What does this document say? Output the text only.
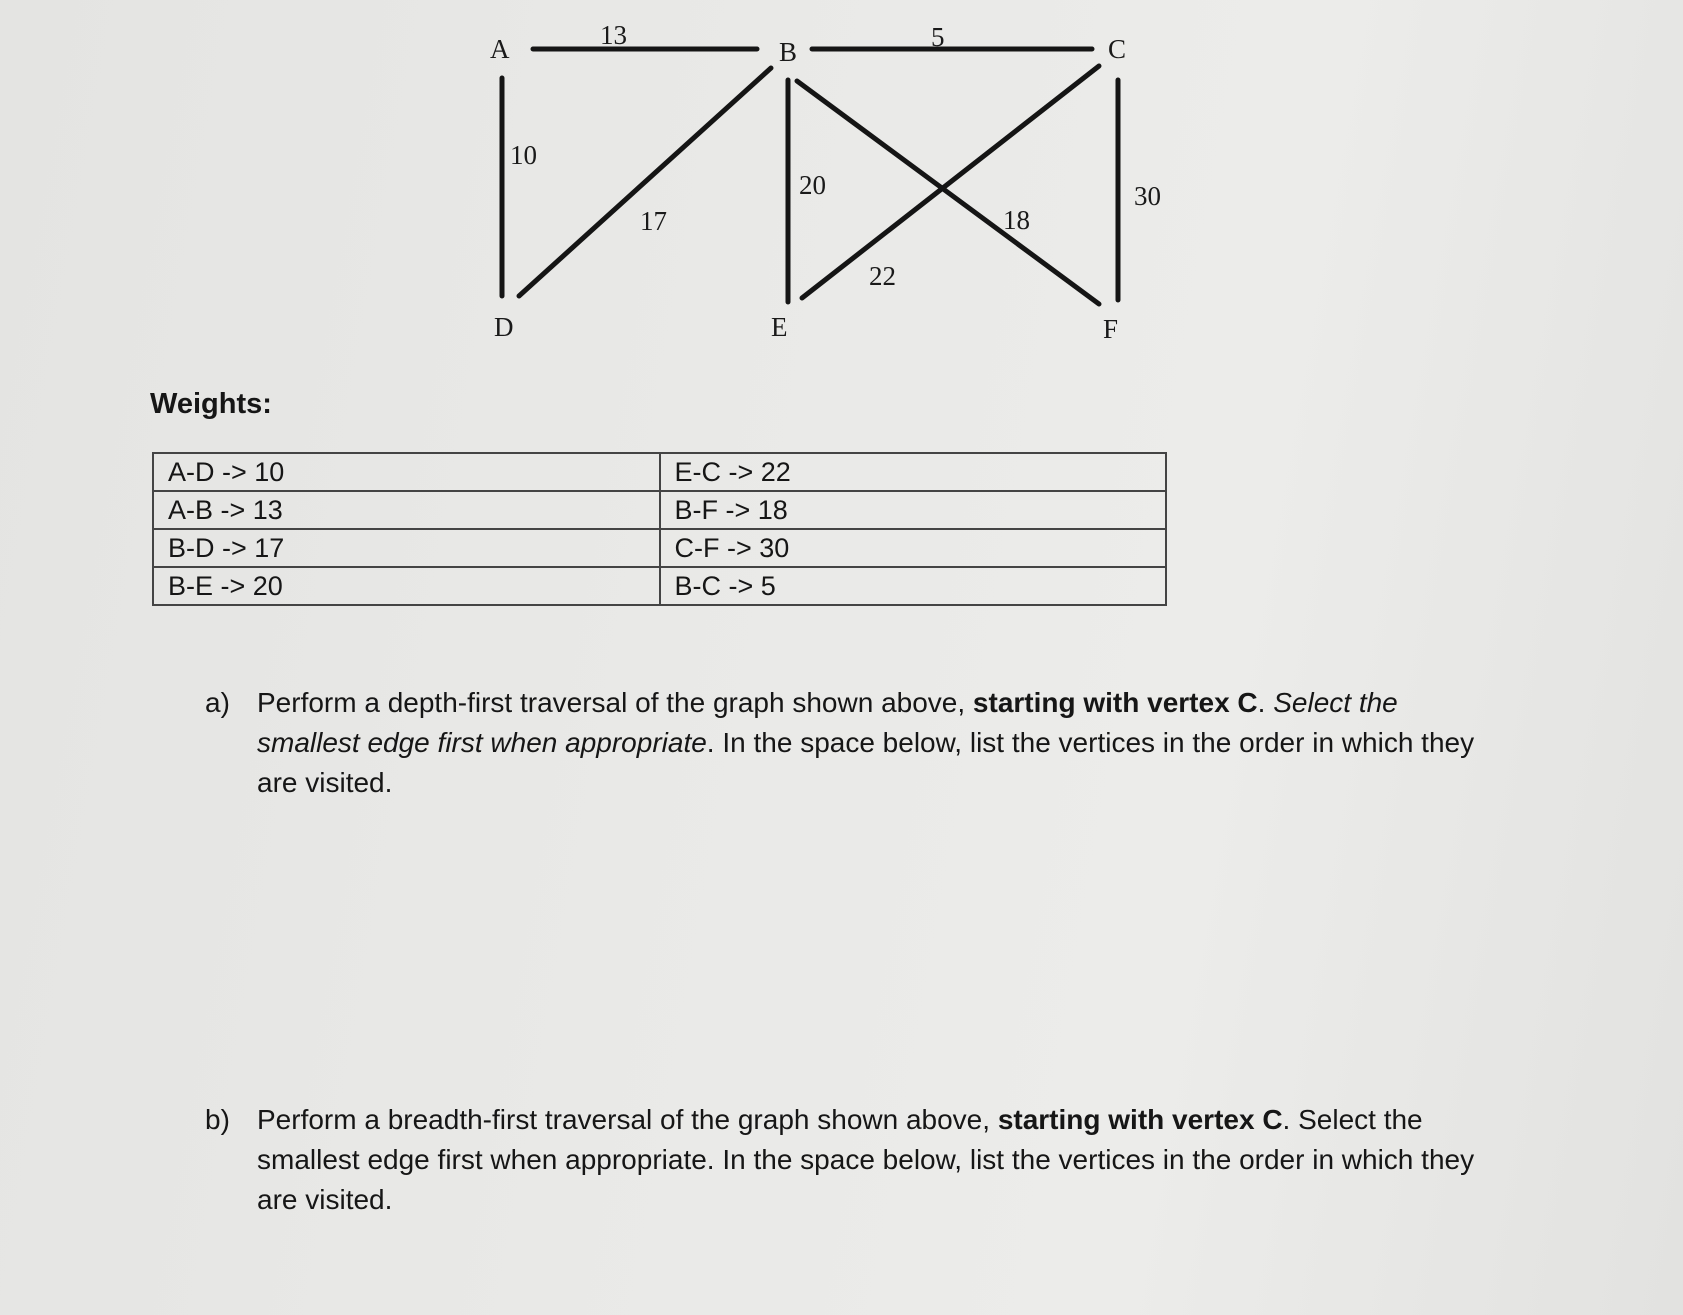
A	B	C
D	E	F
13	5
10
17
20
22
18
30
Weights:
A-D -> 10	E-C -> 22
A-B -> 13	B-F -> 18
B-D -> 17	C-F -> 30
B-E -> 20	B-C -> 5
a) Perform a depth-first traversal of the graph shown above, starting with vertex C. Select the smallest edge first when appropriate. In the space below, list the vertices in the order in which they are visited.
b) Perform a breadth-first traversal of the graph shown above, starting with vertex C. Select the smallest edge first when appropriate. In the space below, list the vertices in the order in which they are visited.
